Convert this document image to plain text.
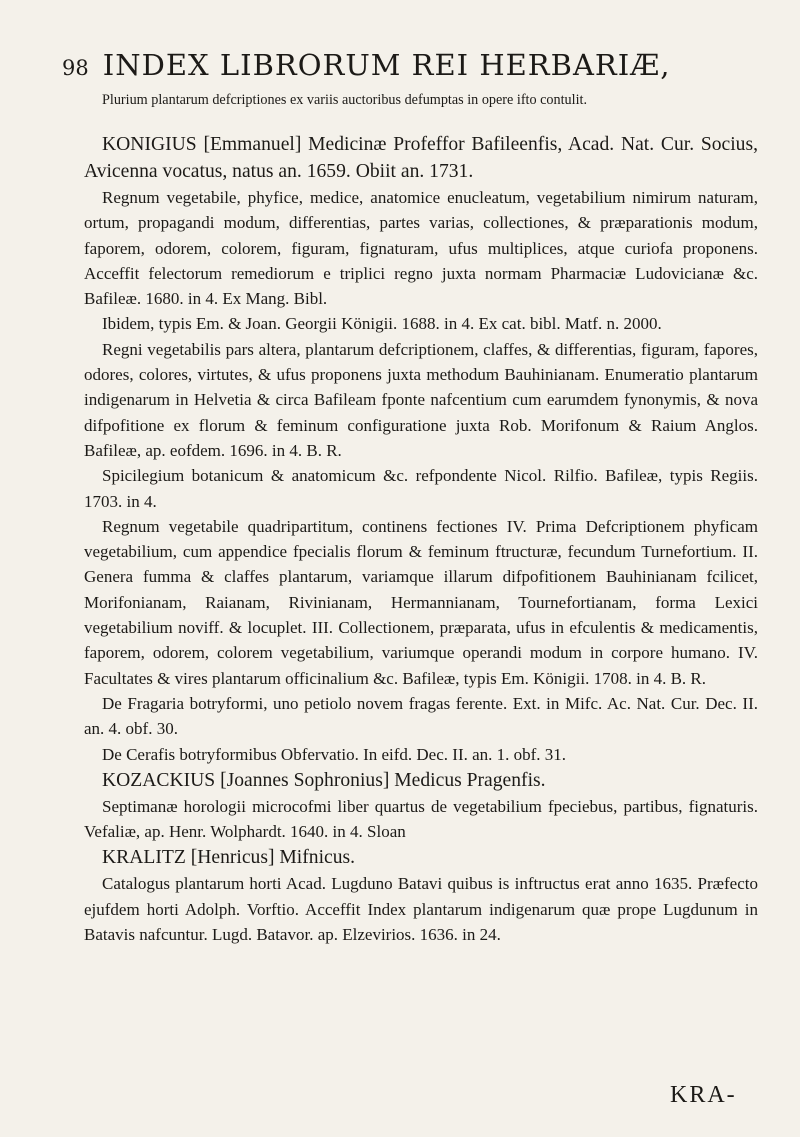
98 INDEX LIBRORUM REI HERBARIÆ,

Plurium plantarum defcriptiones ex variis auctoribus defumptas in opere ifto contulit.

KONIGIUS [Emmanuel] Medicinæ Profeffor Bafileenfis, Acad. Nat. Cur. Socius, Avicenna vocatus, natus an. 1659. Obiit an. 1731.

Regnum vegetabile, phyfice, medice, anatomice enucleatum, vegetabilium nimirum naturam, ortum, propagandi modum, differentias, partes varias, collectiones, & præparationis modum, faporem, odorem, colorem, figuram, fignaturam, ufus multiplices, atque curiofa proponens. Acceffit felectorum remediorum e triplici regno juxta normam Pharmaciæ Ludovicianæ &c. Bafileæ. 1680. in 4. Ex Mang. Bibl.

Ibidem, typis Em. & Joan. Georgii Königii. 1688. in 4. Ex cat. bibl. Matf. n. 2000.

Regni vegetabilis pars altera, plantarum defcriptionem, claffes, & differentias, figuram, fapores, odores, colores, virtutes, & ufus proponens juxta methodum Bauhinianam. Enumeratio plantarum indigenarum in Helvetia & circa Bafileam fponte nafcentium cum earumdem fynonymis, & nova difpofitione ex florum & feminum configuratione juxta Rob. Morifonum & Raium Anglos. Bafileæ, ap. eofdem. 1696. in 4. B. R.

Spicilegium botanicum & anatomicum &c. refpondente Nicol. Rilfio. Bafileæ, typis Regiis. 1703. in 4.

Regnum vegetabile quadripartitum, continens fectiones IV. Prima Defcriptionem phyficam vegetabilium, cum appendice fpecialis florum & feminum ftructuræ, fecundum Turnefortium. II. Genera fumma & claffes plantarum, variamque illarum difpofitionem Bauhinianam fcilicet, Morifonianam, Raianam, Rivinianam, Hermannianam, Tournefortianam, forma Lexici vegetabilium noviff. & locuplet. III. Collectionem, præparata, ufus in efculentis & medicamentis, faporem, odorem, colorem vegetabilium, variumque operandi modum in corpore humano. IV. Facultates & vires plantarum officinalium &c. Bafileæ, typis Em. Königii. 1708. in 4. B. R.

De Fragaria botryformi, uno petiolo novem fragas ferente. Ext. in Mifc. Ac. Nat. Cur. Dec. II. an. 4. obf. 30.

De Cerafis botryformibus Obfervatio. In eifd. Dec. II. an. 1. obf. 31.

KOZACKIUS [Joannes Sophronius] Medicus Pragenfis.

Septimanæ horologii microcofmi liber quartus de vegetabilium fpeciebus, partibus, fignaturis. Vefaliæ, ap. Henr. Wolphardt. 1640. in 4. Sloan

KRALITZ [Henricus] Mifnicus.

Catalogus plantarum horti Acad. Lugduno Batavi quibus is inftructus erat anno 1635. Præfecto ejufdem horti Adolph. Vorftio. Acceffit Index plantarum indigenarum quæ prope Lugdunum in Batavis nafcuntur. Lugd. Batavor. ap. Elzevirios. 1636. in 24.

KRA-
